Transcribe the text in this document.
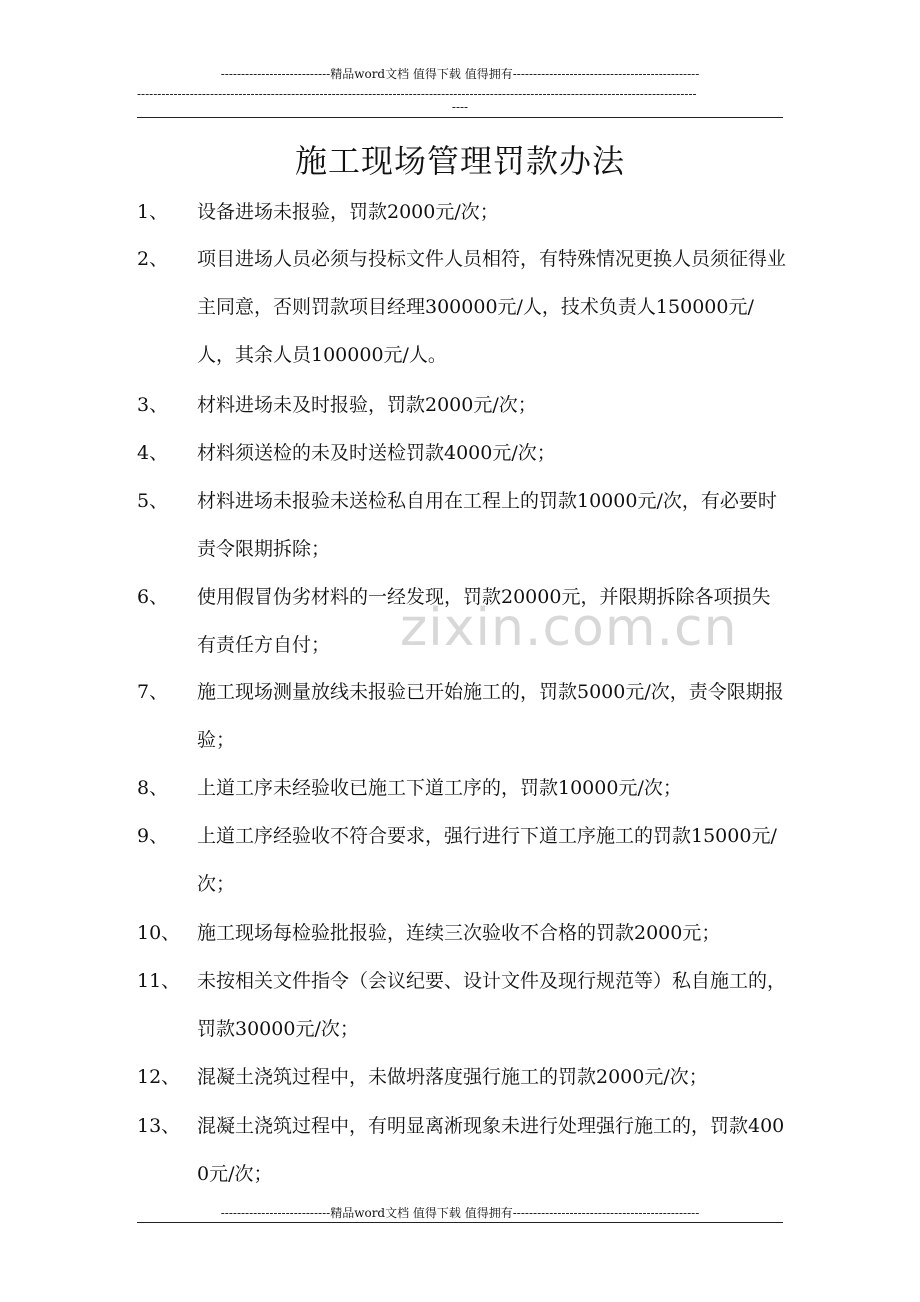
---------------------------精品word文档 值得下载 值得拥有----------------------------------------------
------------------------------------------------------------------------------------------------------------------------------------------
----
施工现场管理罚款办法
zixin.com.cn
1、 设备进场未报验，罚款2000元/次；
2、 项目进场人员必须与投标文件人员相符，有特殊情况更换人员须征得业主同意，否则罚款项目经理300000元/人，技术负责人150000元/人，其余人员100000元/人。
3、 材料进场未及时报验，罚款2000元/次；
4、 材料须送检的未及时送检罚款4000元/次；
5、 材料进场未报验未送检私自用在工程上的罚款10000元/次，有必要时责令限期拆除；
6、 使用假冒伪劣材料的一经发现，罚款20000元，并限期拆除各项损失有责任方自付；
7、 施工现场测量放线未报验已开始施工的，罚款5000元/次，责令限期报验；
8、 上道工序未经验收已施工下道工序的，罚款10000元/次；
9、 上道工序经验收不符合要求，强行进行下道工序施工的罚款15000元/次；
10、 施工现场每检验批报验，连续三次验收不合格的罚款2000元；
11、 未按相关文件指令（会议纪要、设计文件及现行规范等）私自施工的，罚款30000元/次；
12、 混凝土浇筑过程中，未做坍落度强行施工的罚款2000元/次；
13、 混凝土浇筑过程中，有明显离淅现象未进行处理强行施工的，罚款4000元/次；
---------------------------精品word文档 值得下载 值得拥有----------------------------------------------
